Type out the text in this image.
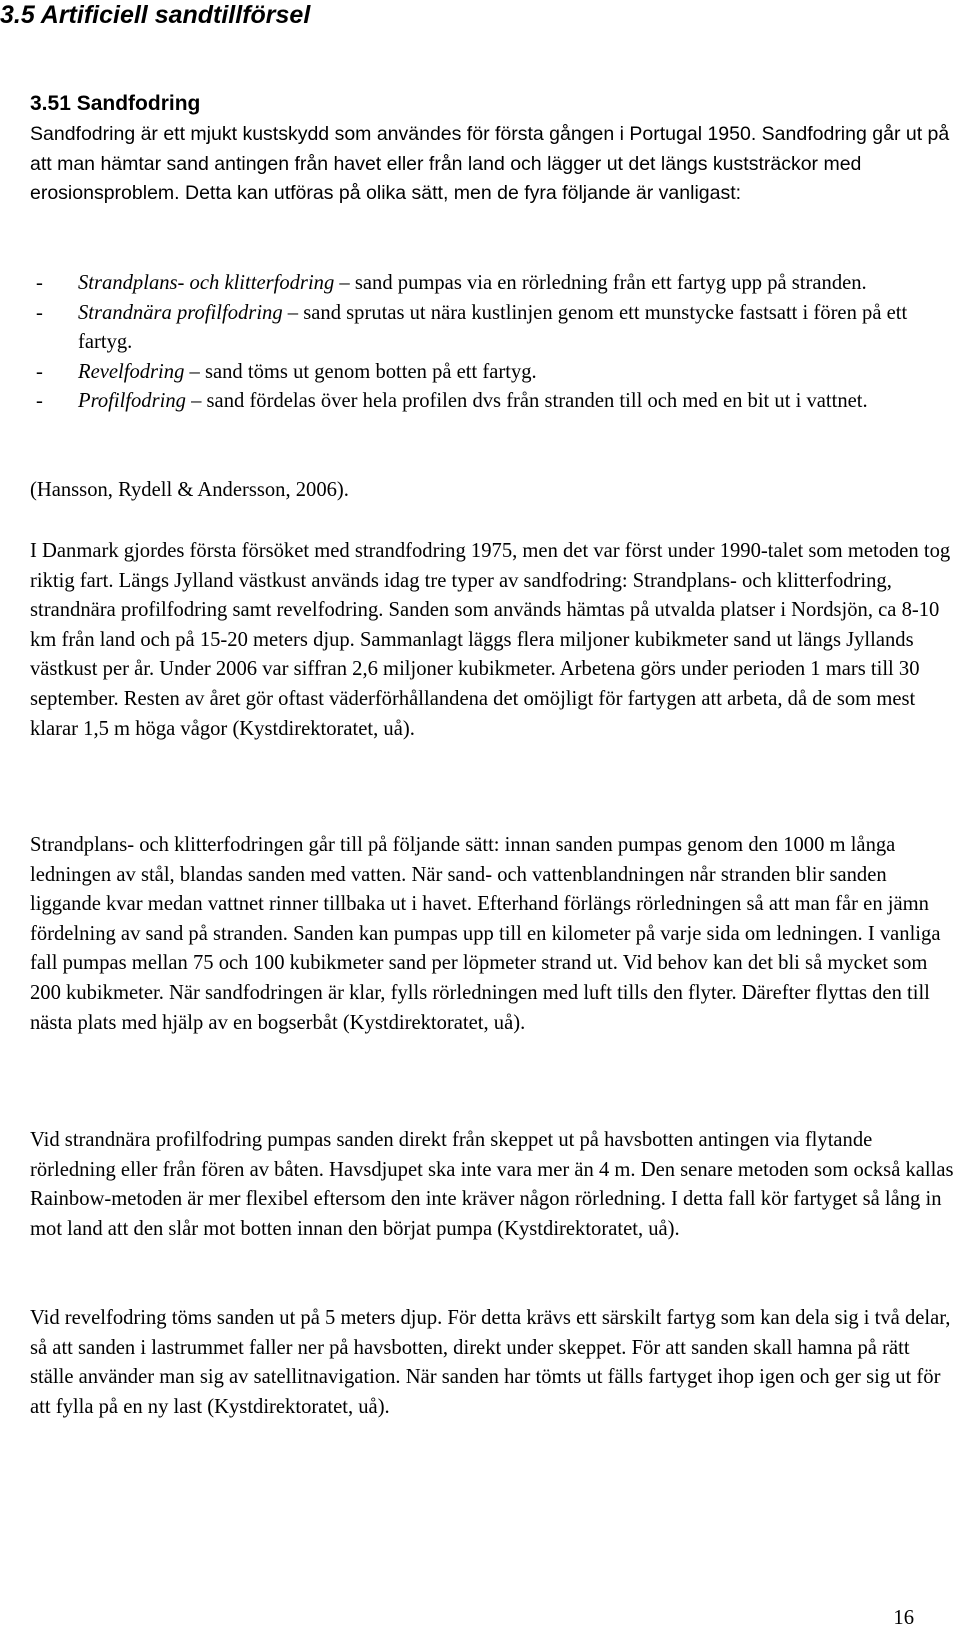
3.5 Artificiell sandtillförsel
3.51 Sandfodring

Sandfodring är ett mjukt kustskydd som användes för första gången i Portugal 1950. Sandfodring går ut på att man hämtar sand antingen från havet eller från land och lägger ut det längs kuststräckor med erosionsproblem. Detta kan utföras på olika sätt, men de fyra följande är vanligast:

- Strandplans- och klitterfodring – sand pumpas via en rörledning från ett fartyg upp på stranden.
- Strandnära profilfodring – sand sprutas ut nära kustlinjen genom ett munstycke fastsatt i fören på ett fartyg.
- Revelfodring – sand töms ut genom botten på ett fartyg.
- Profilfodring – sand fördelas över hela profilen dvs från stranden till och med en bit ut i vattnet.

(Hansson, Rydell & Andersson, 2006).

I Danmark gjordes första försöket med strandfodring 1975, men det var först under 1990-talet som metoden tog riktig fart. Längs Jylland västkust används idag tre typer av sandfodring: Strandplans- och klitterfodring, strandnära profilfodring samt revelfodring. Sanden som används hämtas på utvalda platser i Nordsjön, ca 8-10 km från land och på 15-20 meters djup. Sammanlagt läggs flera miljoner kubikmeter sand ut längs Jyllands västkust per år. Under 2006 var siffran 2,6 miljoner kubikmeter. Arbetena görs under perioden 1 mars till 30 september. Resten av året gör oftast väderförhållandena det omöjligt för fartygen att arbeta, då de som mest klarar 1,5 m höga vågor (Kystdirektoratet, uå).

Strandplans- och klitterfodringen går till på följande sätt: innan sanden pumpas genom den 1000 m långa ledningen av stål, blandas sanden med vatten. När sand- och vattenblandningen når stranden blir sanden liggande kvar medan vattnet rinner tillbaka ut i havet. Efterhand förlängs rörledningen så att man får en jämn fördelning av sand på stranden. Sanden kan pumpas upp till en kilometer på varje sida om ledningen. I vanliga fall pumpas mellan 75 och 100 kubikmeter sand per löpmeter strand ut. Vid behov kan det bli så mycket som 200 kubikmeter. När sandfodringen är klar, fylls rörledningen med luft tills den flyter. Därefter flyttas den till nästa plats med hjälp av en bogserbåt (Kystdirektoratet, uå).

Vid strandnära profilfodring pumpas sanden direkt från skeppet ut på havsbotten antingen via flytande rörledning eller från fören av båten. Havsdjupet ska inte vara mer än 4 m. Den senare metoden som också kallas Rainbow-metoden är mer flexibel eftersom den inte kräver någon rörledning. I detta fall kör fartyget så lång in mot land att den slår mot botten innan den börjat pumpa (Kystdirektoratet, uå).

Vid revelfodring töms sanden ut på 5 meters djup. För detta krävs ett särskilt fartyg som kan dela sig i två delar, så att sanden i lastrummet faller ner på havsbotten, direkt under skeppet. För att sanden skall hamna på rätt ställe använder man sig av satellitnavigation. När sanden har tömts ut fälls fartyget ihop igen och ger sig ut för att fylla på en ny last (Kystdirektoratet, uå).

16
